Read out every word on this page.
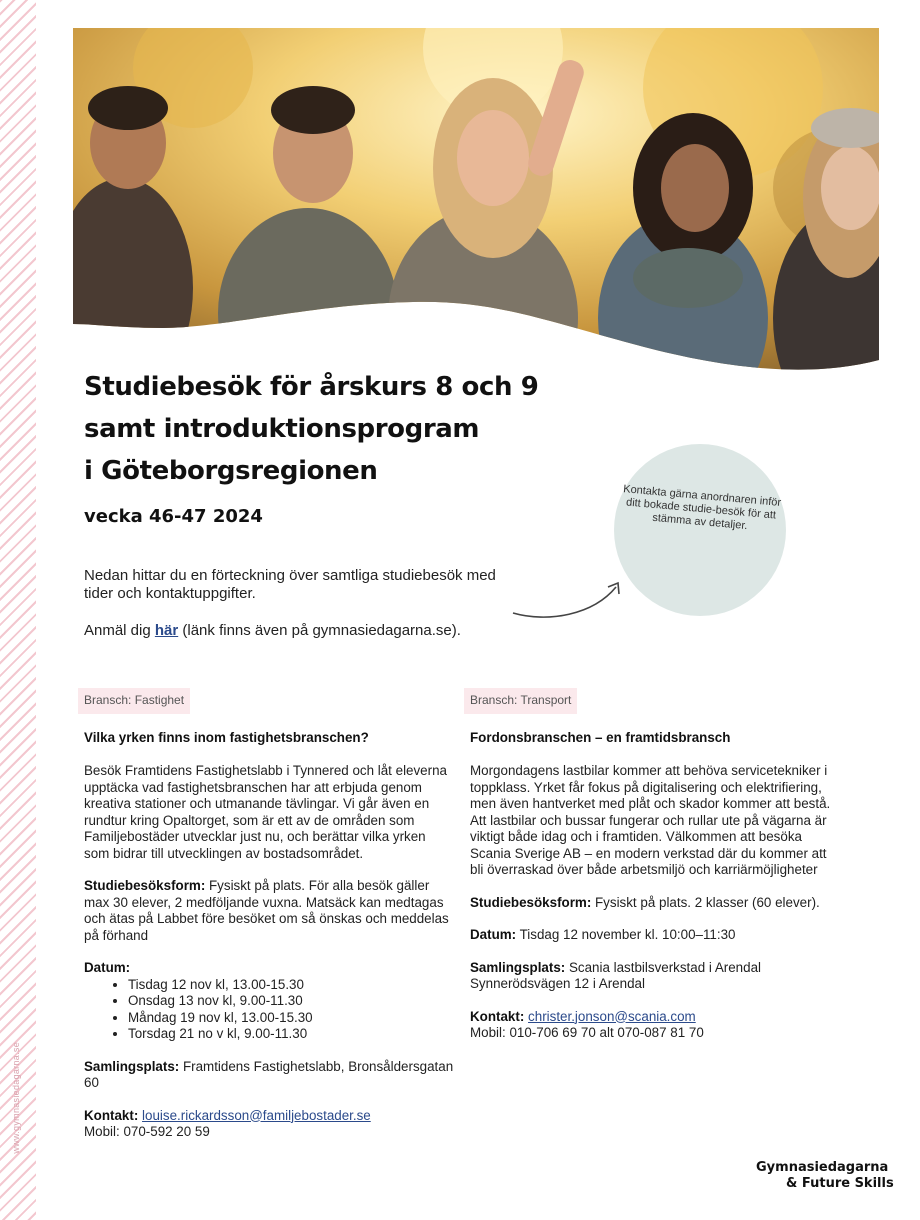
www.gymnasiedagarna.se
Studiebesök för årskurs 8 och 9
samt introduktionsprogram
i Göteborgsregionen
vecka 46-47 2024
Kontakta gärna anordnaren inför ditt bokade studie-besök för att stämma av detaljer.
Nedan hittar du en förteckning över samtliga studiebesök med tider och kontaktuppgifter.
Anmäl dig här (länk finns även på gymnasiedagarna.se).
Bransch: Fastighet
Vilka yrken finns inom fastighetsbranschen?

Besök Framtidens Fastighetslabb i Tynnered och låt eleverna upptäcka vad fastighetsbranschen har att erbjuda genom kreativa stationer och utmanande tävlingar. Vi går även en rundtur kring Opaltorget, som är ett av de områden som Familjebostäder utvecklar just nu, och berättar vilka yrken som bidrar till utvecklingen av bostadsområdet.

Studiebesöksform: Fysiskt på plats. För alla besök gäller max 30 elever, 2 medföljande vuxna. Matsäck kan medtagas och ätas på Labbet före besöket om så önskas och meddelas på förhand

Datum:
• Tisdag 12 nov kl, 13.00-15.30
• Onsdag 13 nov kl, 9.00-11.30
• Måndag 19 nov kl, 13.00-15.30
• Torsdag 21 no v kl, 9.00-11.30

Samlingsplats: Framtidens Fastighetslabb, Bronsåldersgatan 60

Kontakt: louise.rickardsson@familjebostader.se
Mobil: 070-592 20 59
Bransch: Transport
Fordonsbranschen – en framtidsbransch

Morgondagens lastbilar kommer att behöva servicetekniker i toppklass. Yrket får fokus på digitalisering och elektrifiering, men även hantverket med plåt och skador kommer att bestå. Att lastbilar och bussar fungerar och rullar ute på vägarna är viktigt både idag och i framtiden. Välkommen att besöka Scania Sverige AB – en modern verkstad där du kommer att bli överraskad över både arbetsmiljö och karriärmöjligheter

Studiebesöksform: Fysiskt på plats. 2 klasser (60 elever).

Datum: Tisdag 12 november kl. 10:00–11:30

Samlingsplats: Scania lastbilsverkstad i Arendal Synnerödsvägen 12 i Arendal

Kontakt: christer.jonson@scania.com
Mobil: 010-706 69 70 alt 070-087 81 70
Gymnasiedagarna
& Future Skills
